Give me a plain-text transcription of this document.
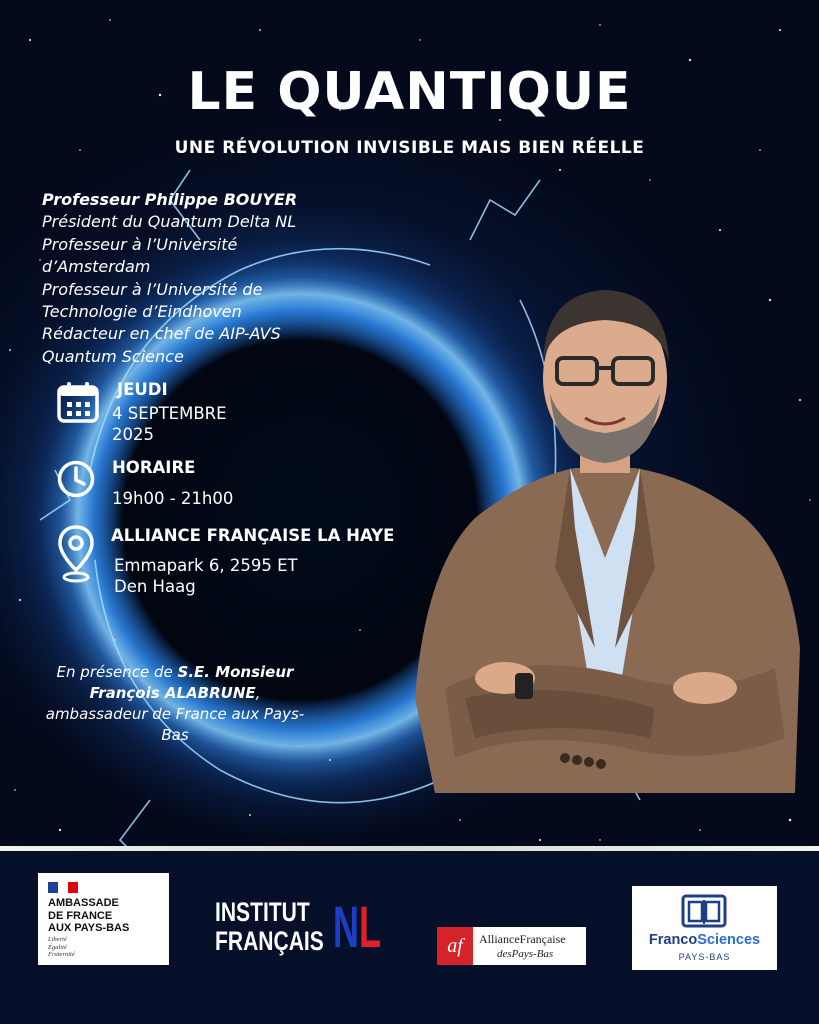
LE QUANTIQUE
UNE RÉVOLUTION INVISIBLE MAIS BIEN RÉELLE
Professeur Philippe BOUYER
Président du Quantum Delta NL
Professeur à l’Université
d’Amsterdam
Professeur à l’Université de
Technologie d’Eindhoven
Rédacteur en chef de AIP-AVS
Quantum Science
JEUDI
4 SEPTEMBRE
2025
HORAIRE
19h00 - 21h00
ALLIANCE FRANÇAISE LA HAYE
Emmapark 6, 2595 ET
Den Haag
En présence de S.E. Monsieur François ALABRUNE, ambassadeur de France aux Pays-Bas
AMBASSADE
DE FRANCE
AUX PAYS-BAS
Liberté
Égalité
Fraternité
INSTITUT
FRANÇAIS NL	af	AllianceFrançaise
desPays-Bas
FrancoSciences
PAYS-BAS
